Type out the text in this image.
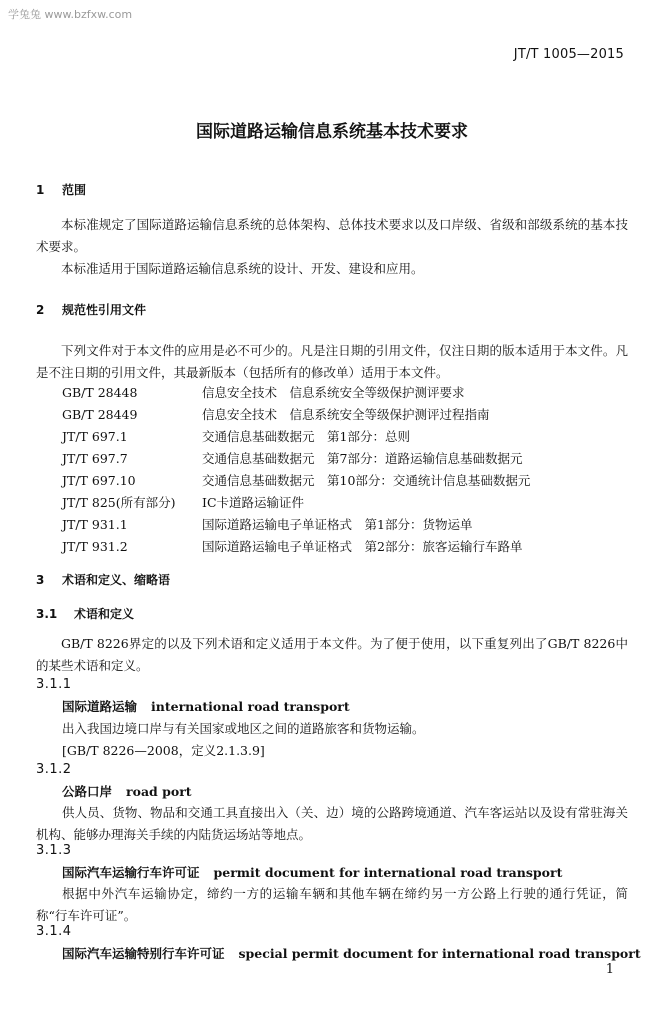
学兔兔 www.bzfxw.com
JT/T 1005—2015
国际道路运输信息系统基本技术要求
1 范围
本标准规定了国际道路运输信息系统的总体架构、总体技术要求以及口岸级、省级和部级系统的基本技术要求。
本标准适用于国际道路运输信息系统的设计、开发、建设和应用。
2 规范性引用文件
下列文件对于本文件的应用是必不可少的。凡是注日期的引用文件，仅注日期的版本适用于本文件。凡是不注日期的引用文件，其最新版本（包括所有的修改单）适用于本文件。
GB/T 28448	信息安全技术　信息系统安全等级保护测评要求
GB/T 28449	信息安全技术　信息系统安全等级保护测评过程指南
JT/T 697.1	交通信息基础数据元　第1部分：总则
JT/T 697.7	交通信息基础数据元　第7部分：道路运输信息基础数据元
JT/T 697.10	交通信息基础数据元　第10部分：交通统计信息基础数据元
JT/T 825(所有部分) IC卡道路运输证件
JT/T 931.1	国际道路运输电子单证格式　第1部分：货物运单
JT/T 931.2	国际道路运输电子单证格式　第2部分：旅客运输行车路单
3 术语和定义、缩略语
3.1 术语和定义
GB/T 8226界定的以及下列术语和定义适用于本文件。为了便于使用，以下重复列出了GB/T 8226中的某些术语和定义。
3.1.1
国际道路运输 international road transport
出入我国边境口岸与有关国家或地区之间的道路旅客和货物运输。
[GB/T 8226—2008，定义2.1.3.9]
3.1.2
公路口岸 road port
供人员、货物、物品和交通工具直接出入（关、边）境的公路跨境通道、汽车客运站以及设有常驻海关机构、能够办理海关手续的内陆货运场站等地点。
3.1.3
国际汽车运输行车许可证 permit document for international road transport
根据中外汽车运输协定，缔约一方的运输车辆和其他车辆在缔约另一方公路上行驶的通行凭证，简称“行车许可证”。
3.1.4
国际汽车运输特别行车许可证 special permit document for international road transport
1
